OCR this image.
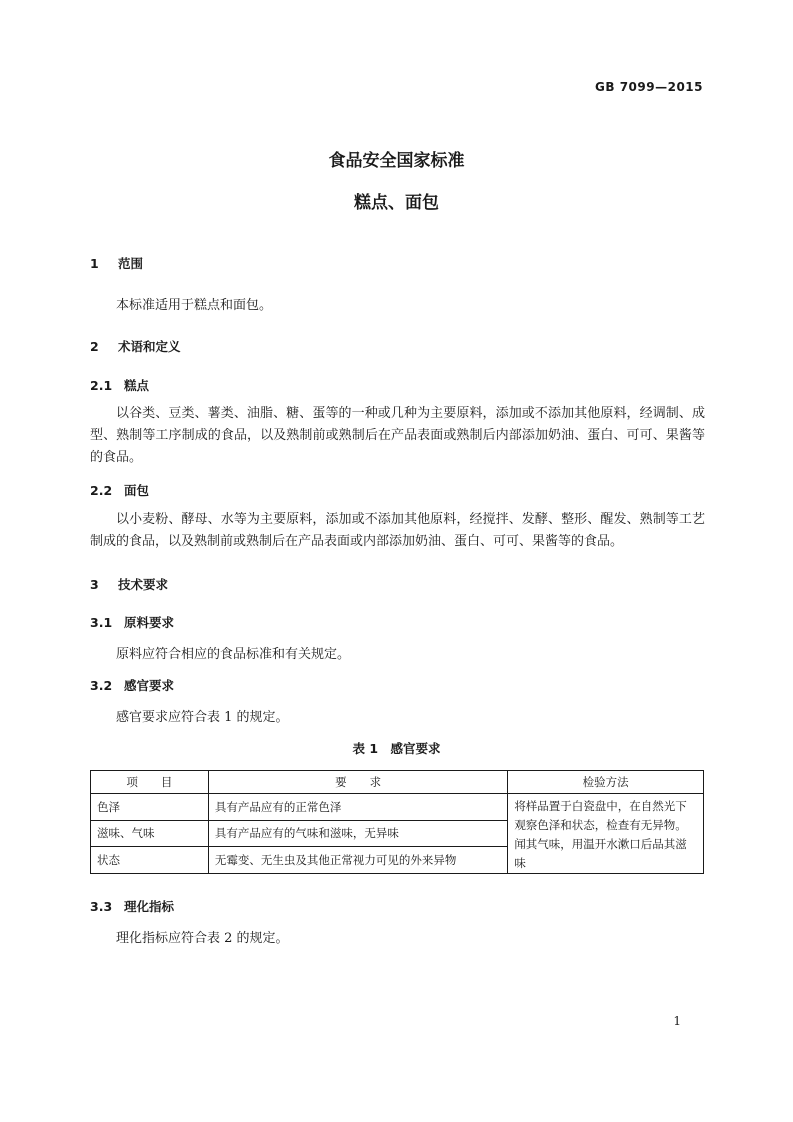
GB 7099—2015
食品安全国家标准
糕点、面包
1 范围
本标准适用于糕点和面包。
2 术语和定义
2.1 糕点
以谷类、豆类、薯类、油脂、糖、蛋等的一种或几种为主要原料，添加或不添加其他原料，经调制、成型、熟制等工序制成的食品，以及熟制前或熟制后在产品表面或熟制后内部添加奶油、蛋白、可可、果酱等的食品。
2.2 面包
以小麦粉、酵母、水等为主要原料，添加或不添加其他原料，经搅拌、发酵、整形、醒发、熟制等工艺制成的食品，以及熟制前或熟制后在产品表面或内部添加奶油、蛋白、可可、果酱等的食品。
3 技术要求
3.1 原料要求
原料应符合相应的食品标准和有关规定。
3.2 感官要求
感官要求应符合表 1 的规定。
表 1　感官要求
项　　目	要　　求	检验方法
色泽	具有产品应有的正常色泽	将样品置于白瓷盘中，在自然光下观察色泽和状态，检查有无异物。闻其气味，用温开水漱口后品其滋味
滋味、气味	具有产品应有的气味和滋味，无异味	
状态	无霉变、无生虫及其他正常视力可见的外来异物	
3.3 理化指标
理化指标应符合表 2 的规定。
1
